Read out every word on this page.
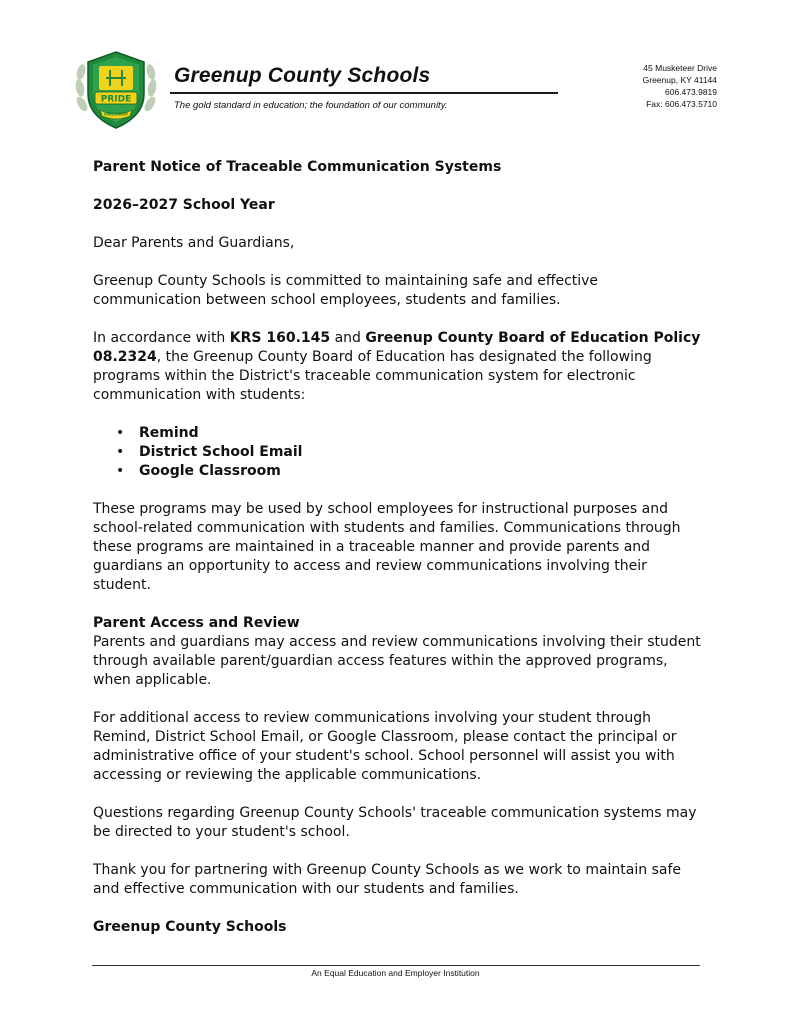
PRIDE
GREENUP
Greenup County Schools
The gold standard in education; the foundation of our community.
45 Musketeer Drive
Greenup, KY 41144
606.473.9819
Fax: 606.473.5710

Parent Notice of Traceable Communication Systems

2026–2027 School Year

Dear Parents and Guardians,

Greenup County Schools is committed to maintaining safe and effective communication between school employees, students and families.

In accordance with KRS 160.145 and Greenup County Board of Education Policy 08.2324, the Greenup County Board of Education has designated the following programs within the District's traceable communication system for electronic communication with students:

• Remind
• District School Email
• Google Classroom

These programs may be used by school employees for instructional purposes and school-related communication with students and families. Communications through these programs are maintained in a traceable manner and provide parents and guardians an opportunity to access and review communications involving their student.

Parent Access and Review

Parents and guardians may access and review communications involving their student through available parent/guardian access features within the approved programs, when applicable.

For additional access to review communications involving your student through Remind, District School Email, or Google Classroom, please contact the principal or administrative office of your student's school. School personnel will assist you with accessing or reviewing the applicable communications.

Questions regarding Greenup County Schools' traceable communication systems may be directed to your student's school.

Thank you for partnering with Greenup County Schools as we work to maintain safe and effective communication with our students and families.

Greenup County Schools

An Equal Education and Employer Institution
